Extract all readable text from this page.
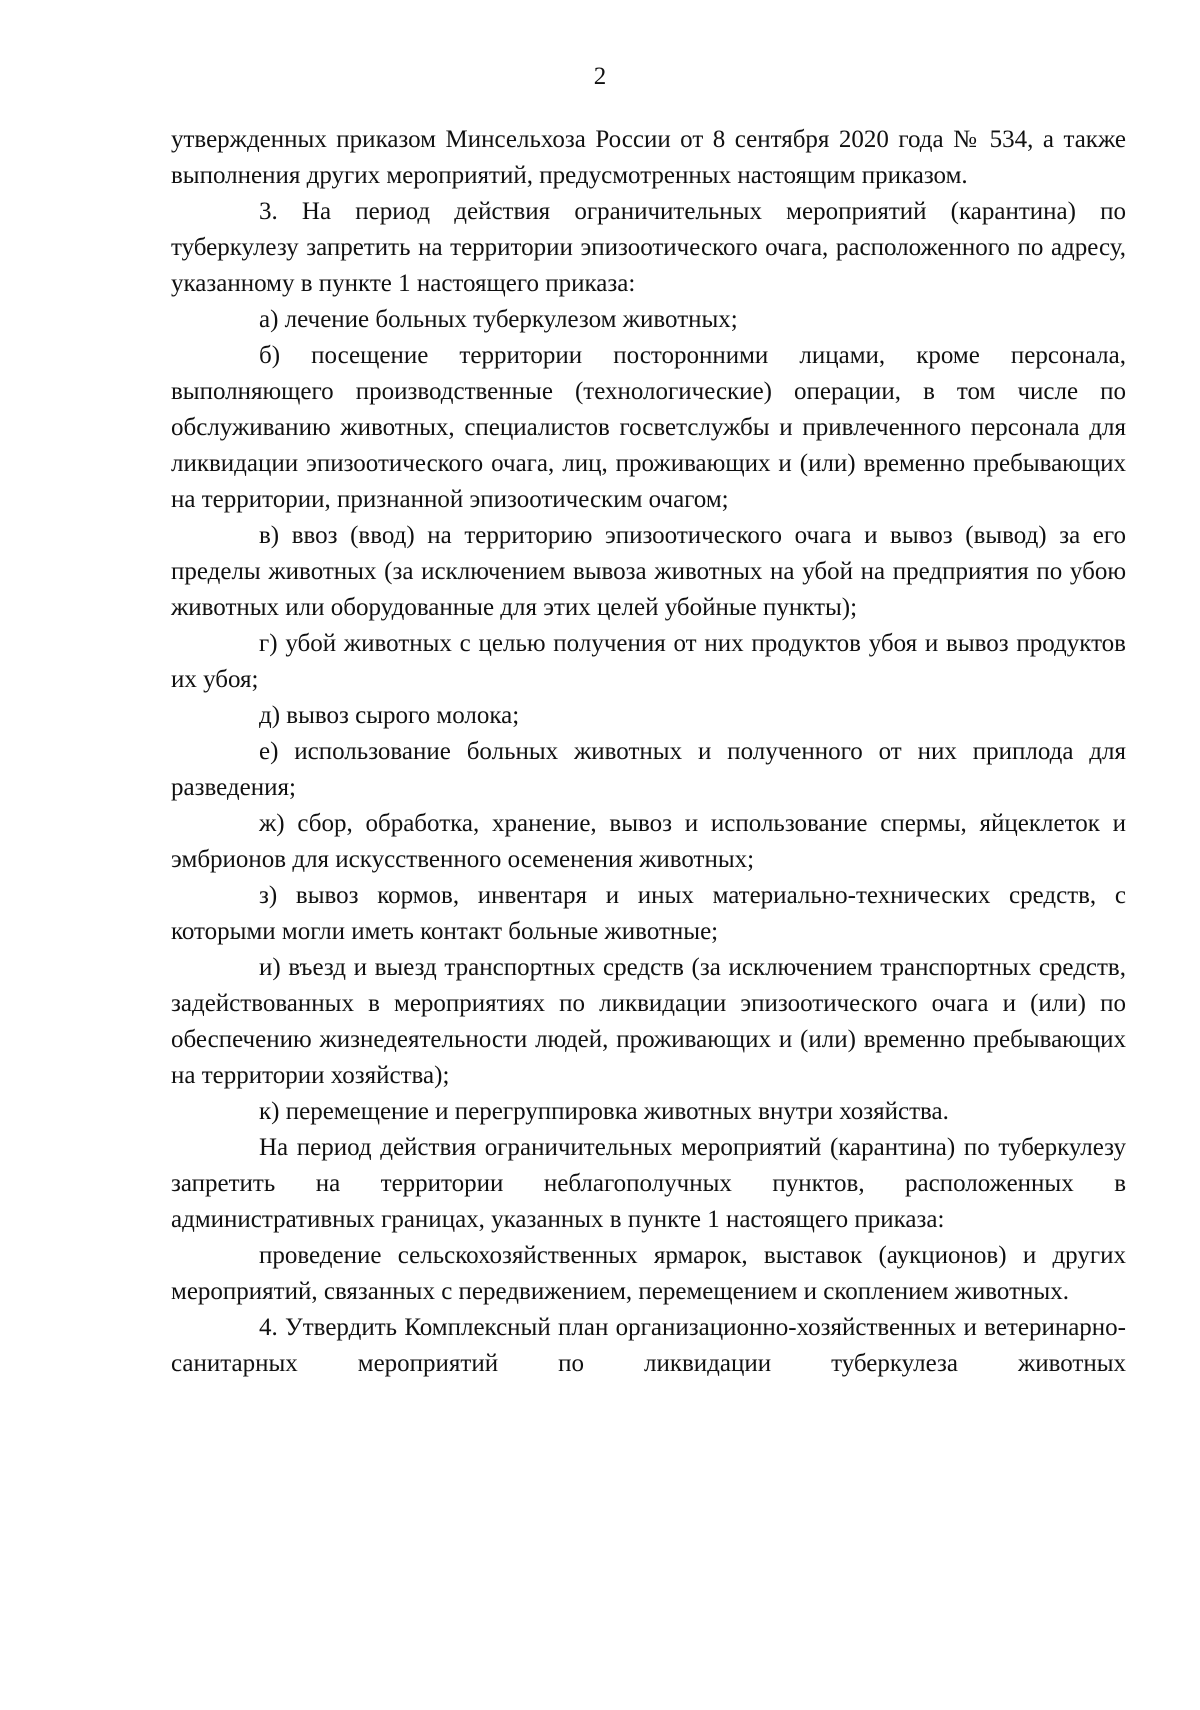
2

утвержденных приказом Минсельхоза России от 8 сентября 2020 года № 534, а также выполнения других мероприятий, предусмотренных настоящим приказом.

3. На период действия ограничительных мероприятий (карантина) по туберкулезу запретить на территории эпизоотического очага, расположенного по адресу, указанному в пункте 1 настоящего приказа:

а) лечение больных туберкулезом животных;

б) посещение территории посторонними лицами, кроме персонала, выполняющего производственные (технологические) операции, в том числе по обслуживанию животных, специалистов госветслужбы и привлеченного персонала для ликвидации эпизоотического очага, лиц, проживающих и (или) временно пребывающих на территории, признанной эпизоотическим очагом;

в) ввоз (ввод) на территорию эпизоотического очага и вывоз (вывод) за его пределы животных (за исключением вывоза животных на убой на предприятия по убою животных или оборудованные для этих целей убойные пункты);

г) убой животных с целью получения от них продуктов убоя и вывоз продуктов их убоя;

д) вывоз сырого молока;

е) использование больных животных и полученного от них приплода для разведения;

ж) сбор, обработка, хранение, вывоз и использование спермы, яйцеклеток и эмбрионов для искусственного осеменения животных;

з) вывоз кормов, инвентаря и иных материально-технических средств, с которыми могли иметь контакт больные животные;

и) въезд и выезд транспортных средств (за исключением транспортных средств, задействованных в мероприятиях по ликвидации эпизоотического очага и (или) по обеспечению жизнедеятельности людей, проживающих и (или) временно пребывающих на территории хозяйства);

к) перемещение и перегруппировка животных внутри хозяйства.

На период действия ограничительных мероприятий (карантина) по туберкулезу запретить на территории неблагополучных пунктов, расположенных в административных границах, указанных в пункте 1 настоящего приказа:

проведение сельскохозяйственных ярмарок, выставок (аукционов) и других мероприятий, связанных с передвижением, перемещением и скоплением животных.

4. Утвердить Комплексный план организационно-хозяйственных и ветеринарно-санитарных мероприятий по ликвидации туберкулеза животных
